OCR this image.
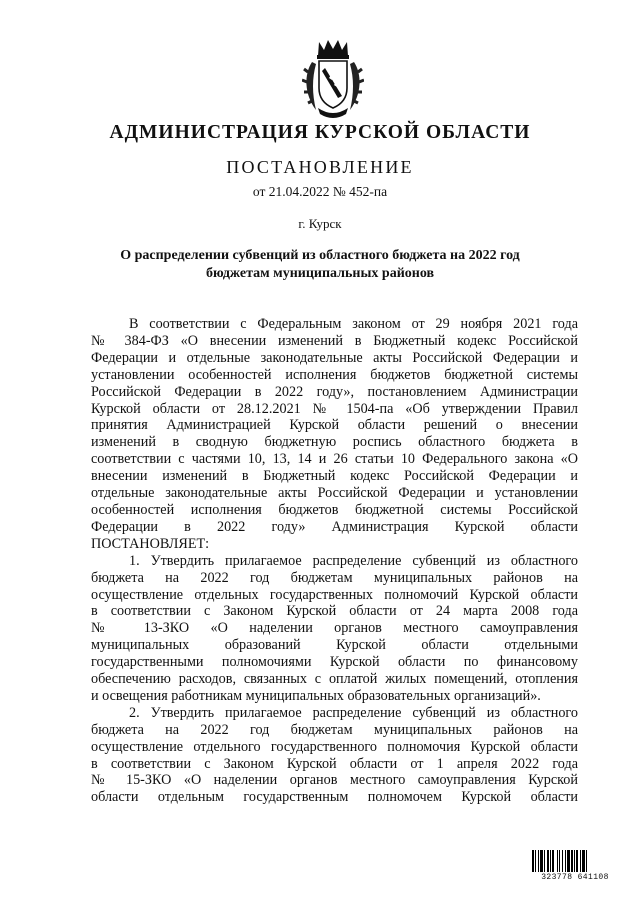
АДМИНИСТРАЦИЯ КУРСКОЙ ОБЛАСТИ
ПОСТАНОВЛЕНИЕ
от 21.04.2022 № 452-па
г. Курск
О распределении субвенций из областного бюджета на 2022 год
бюджетам муниципальных районов

В соответствии с Федеральным законом от 29 ноября 2021 года

№ 384-ФЗ «О внесении изменений в Бюджетный кодекс Российской

Федерации и отдельные законодательные акты Российской Федерации и

установлении особенностей исполнения бюджетов бюджетной системы

Российской Федерации в 2022 году», постановлением Администрации

Курской области от 28.12.2021 № 1504-па «Об утверждении Правил

принятия Администрацией Курской области решений о внесении

изменений в сводную бюджетную роспись областного бюджета в

соответствии с частями 10, 13, 14 и 26 статьи 10 Федерального закона «О

внесении изменений в Бюджетный кодекс Российской Федерации и

отдельные законодательные акты Российской Федерации и установлении

особенностей исполнения бюджетов бюджетной системы Российской

Федерации в 2022 году» Администрация Курской области

ПОСТАНОВЛЯЕТ:

1. Утвердить прилагаемое распределение субвенций из областного

бюджета на 2022 год бюджетам муниципальных районов на

осуществление отдельных государственных полномочий Курской области

в соответствии с Законом Курской области от 24 марта 2008 года

№ 13-ЗКО «О наделении органов местного самоуправления

муниципальных образований Курской области отдельными

государственными полномочиями Курской области по финансовому

обеспечению расходов, связанных с оплатой жилых помещений, отопления

и освещения работникам муниципальных образовательных организаций».

2. Утвердить прилагаемое распределение субвенций из областного

бюджета на 2022 год бюджетам муниципальных районов на

осуществление отдельного государственного полномочия Курской области

в соответствии с Законом Курской области от 1 апреля 2022 года

№ 15-ЗКО «О наделении органов местного самоуправления Курской

области отдельным государственным полномочем Курской области

323778 641108
